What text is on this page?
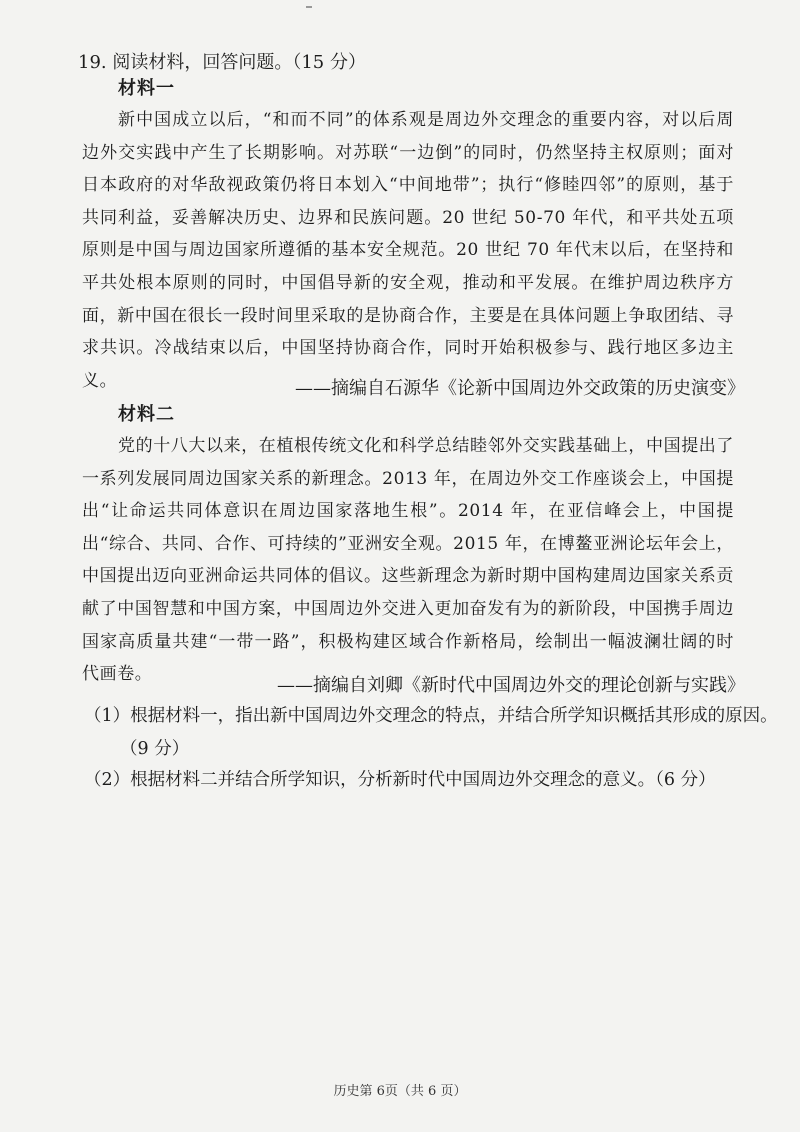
19. 阅读材料，回答问题。（15 分）
材料一

新中国成立以后，“和而不同”的体系观是周边外交理念的重要内容，对以后周边外交实践中产生了长期影响。对苏联“一边倒”的同时，仍然坚持主权原则；面对日本政府的对华敌视政策仍将日本划入“中间地带”；执行“修睦四邻”的原则，基于共同利益，妥善解决历史、边界和民族问题。20 世纪 50-70 年代，和平共处五项原则是中国与周边国家所遵循的基本安全规范。20 世纪 70 年代末以后，在坚持和平共处根本原则的同时，中国倡导新的安全观，推动和平发展。在维护周边秩序方面，新中国在很长一段时间里采取的是协商合作，主要是在具体问题上争取团结、寻求共识。冷战结束以后，中国坚持协商合作，同时开始积极参与、践行地区多边主义。	——摘编自石源华《论新中国周边外交政策的历史演变》
材料二

党的十八大以来，在植根传统文化和科学总结睦邻外交实践基础上，中国提出了一系列发展同周边国家关系的新理念。2013 年，在周边外交工作座谈会上，中国提出“让命运共同体意识在周边国家落地生根”。2014 年，在亚信峰会上，中国提出“综合、共同、合作、可持续的”亚洲安全观。2015 年，在博鳌亚洲论坛年会上，中国提出迈向亚洲命运共同体的倡议。这些新理念为新时期中国构建周边国家关系贡献了中国智慧和中国方案，中国周边外交进入更加奋发有为的新阶段，中国携手周边国家高质量共建“一带一路”，积极构建区域合作新格局，绘制出一幅波澜壮阔的时代画卷。

——摘编自刘卿《新时代中国周边外交的理论创新与实践》

（1）根据材料一，指出新中国周边外交理念的特点，并结合所学知识概括其形成的原因。（9 分）

（2）根据材料二并结合所学知识，分析新时代中国周边外交理念的意义。（6 分）

历史第 6页（共 6 页）
